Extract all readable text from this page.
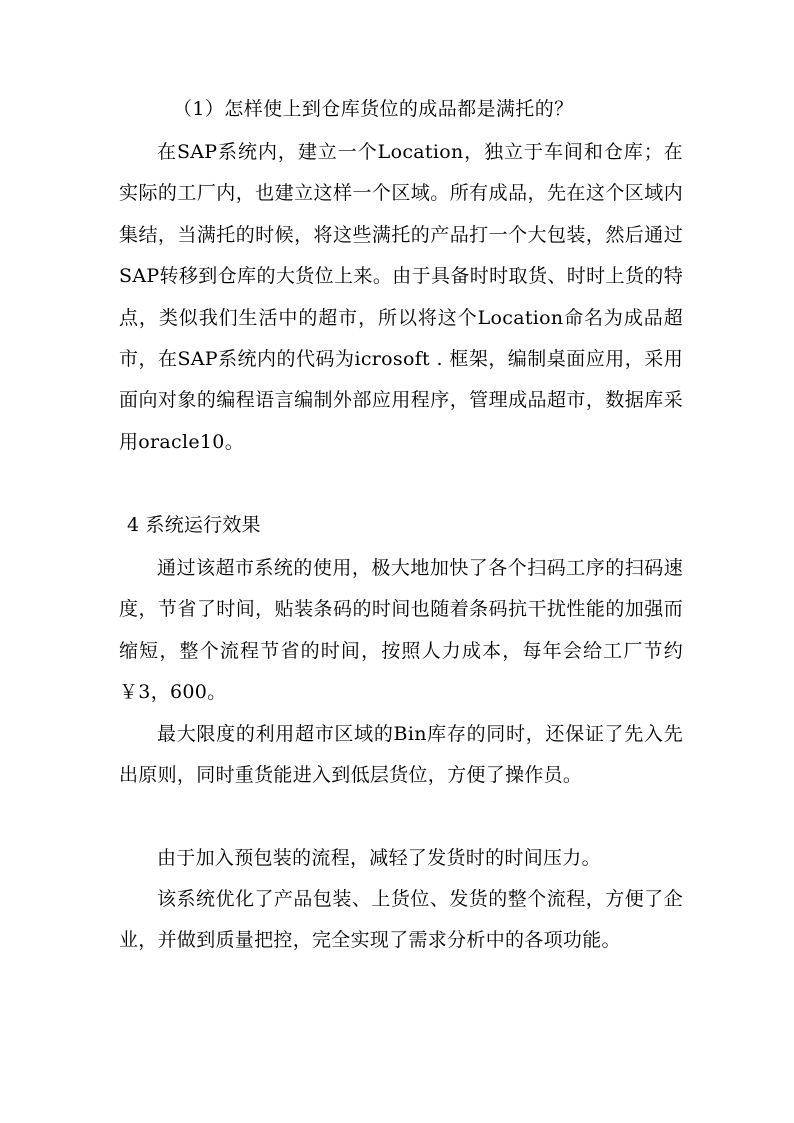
（1）怎样使上到仓库货位的成品都是满托的？

在SAP系统内，建立一个Location，独立于车间和仓库；在实际的工厂内，也建立这样一个区域。所有成品，先在这个区域内集结，当满托的时候，将这些满托的产品打一个大包装，然后通过SAP转移到仓库的大货位上来。由于具备时时取货、时时上货的特点，类似我们生活中的超市，所以将这个Location命名为成品超市，在SAP系统内的代码为icrosoft . 框架，编制桌面应用，采用面向对象的编程语言编制外部应用程序，管理成品超市，数据库采用oracle10。

4 系统运行效果

通过该超市系统的使用，极大地加快了各个扫码工序的扫码速度，节省了时间，贴装条码的时间也随着条码抗干扰性能的加强而缩短，整个流程节省的时间，按照人力成本，每年会给工厂节约￥3，600。

最大限度的利用超市区域的Bin库存的同时，还保证了先入先出原则，同时重货能进入到低层货位，方便了操作员。

由于加入预包装的流程，减轻了发货时的时间压力。

该系统优化了产品包装、上货位、发货的整个流程，方便了企业，并做到质量把控，完全实现了需求分析中的各项功能。
